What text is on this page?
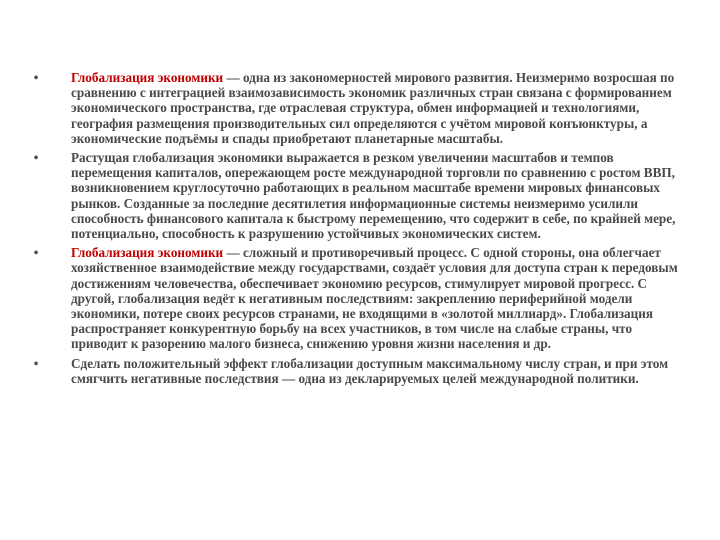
• Глобализация экономики — одна из закономерностей мирового развития. Неизмеримо возросшая по сравнению с интеграцией взаимозависимость экономик различных стран связана с формированием экономического пространства, где отраслевая структура, обмен информацией и технологиями, география размещения производительных сил определяются с учётом мировой конъюнктуры, а экономические подъёмы и спады приобретают планетарные масштабы.
• Растущая глобализация экономики выражается в резком увеличении масштабов и темпов перемещения капиталов, опережающем росте международной торговли по сравнению с ростом ВВП, возникновением круглосуточно работающих в реальном масштабе времени мировых финансовых рынков. Созданные за последние десятилетия информационные системы неизмеримо усилили способность финансового капитала к быстрому перемещению, что содержит в себе, по крайней мере, потенциально, способность к разрушению устойчивых экономических систем.
• Глобализация экономики — сложный и противоречивый процесс. С одной стороны, она облегчает хозяйственное взаимодействие между государствами, создаёт условия для доступа стран к передовым достижениям человечества, обеспечивает экономию ресурсов, стимулирует мировой прогресс. С другой, глобализация ведёт к негативным последствиям: закреплению периферийной модели экономики, потере своих ресурсов странами, не входящими в «золотой миллиард». Глобализация распространяет конкурентную борьбу на всех участников, в том числе на слабые страны, что приводит к разорению малого бизнеса, снижению уровня жизни населения и др.
• Сделать положительный эффект глобализации доступным максимальному числу стран, и при этом смягчить негативные последствия — одна из декларируемых целей международной политики.
